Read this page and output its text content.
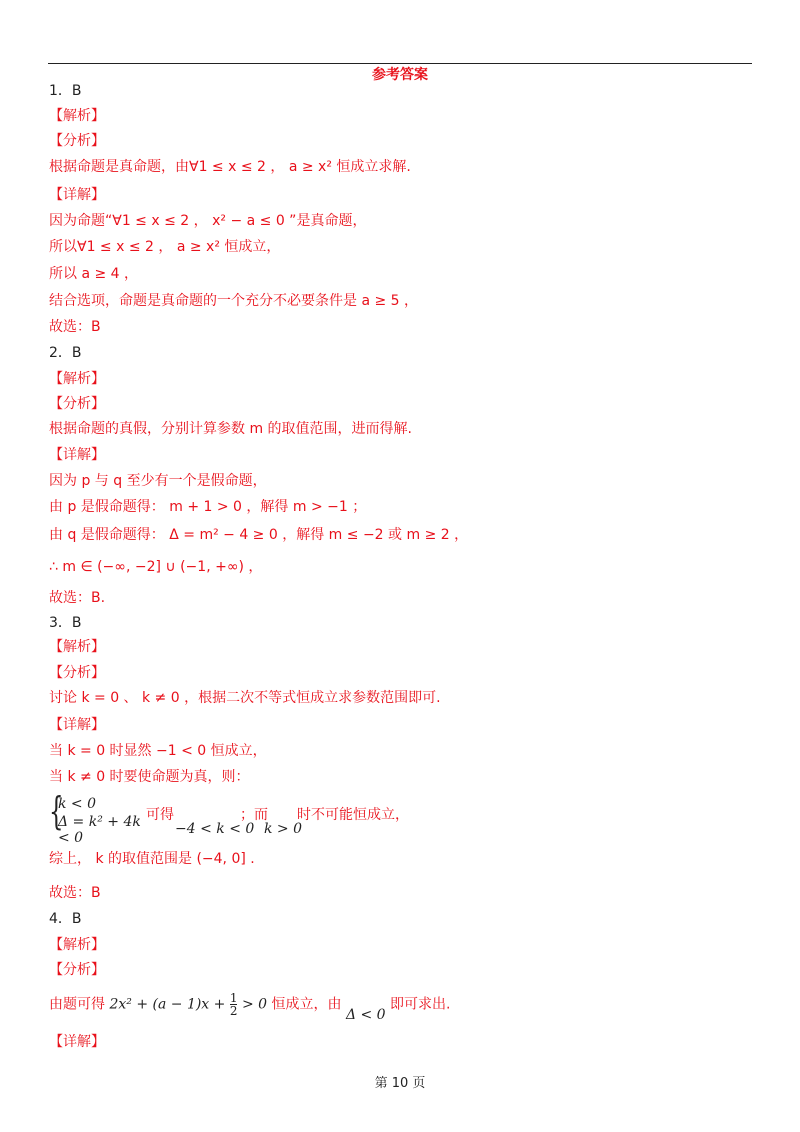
参考答案
1．B
【解析】
【分析】
根据命题是真命题，由∀1 ≤ x ≤ 2 ， a ≥ x² 恒成立求解.
【详解】
因为命题“∀1 ≤ x ≤ 2 ， x² − a ≤ 0 ”是真命题，
所以∀1 ≤ x ≤ 2 ， a ≥ x² 恒成立，
所以 a ≥ 4 ，
结合选项，命题是真命题的一个充分不必要条件是 a ≥ 5 ，
故选：B
2．B
【解析】
【分析】
根据命题的真假，分别计算参数 m 的取值范围，进而得解.
【详解】
因为 p 与 q 至少有一个是假命题，
由 p 是假命题得： m + 1 > 0 ，解得 m > −1 ；
由 q 是假命题得： Δ = m² − 4 ≥ 0 ，解得 m ≤ −2 或 m ≥ 2 ，
∴ m ∈ (−∞, −2] ∪ (−1, +∞) ，
故选：B.
3．B
【解析】
【分析】
讨论 k = 0 、 k ≠ 0 ，根据二次不等式恒成立求参数范围即可.
【详解】
当 k = 0 时显然 −1 < 0 恒成立，
当 k ≠ 0 时要使命题为真，则：
{
k < 0
Δ = k² + 4k < 0
可得
−4 < k < 0
；而
k > 0
时不可能恒成立，
综上， k 的取值范围是 (−4, 0] .
故选：B
4．B
【解析】
【分析】
由题可得 $2x^2 + (a - 1)x + \frac{1}{2} > 0$ 恒成立，由 Δ < 0 即可求出.
【详解】
第 10 页
